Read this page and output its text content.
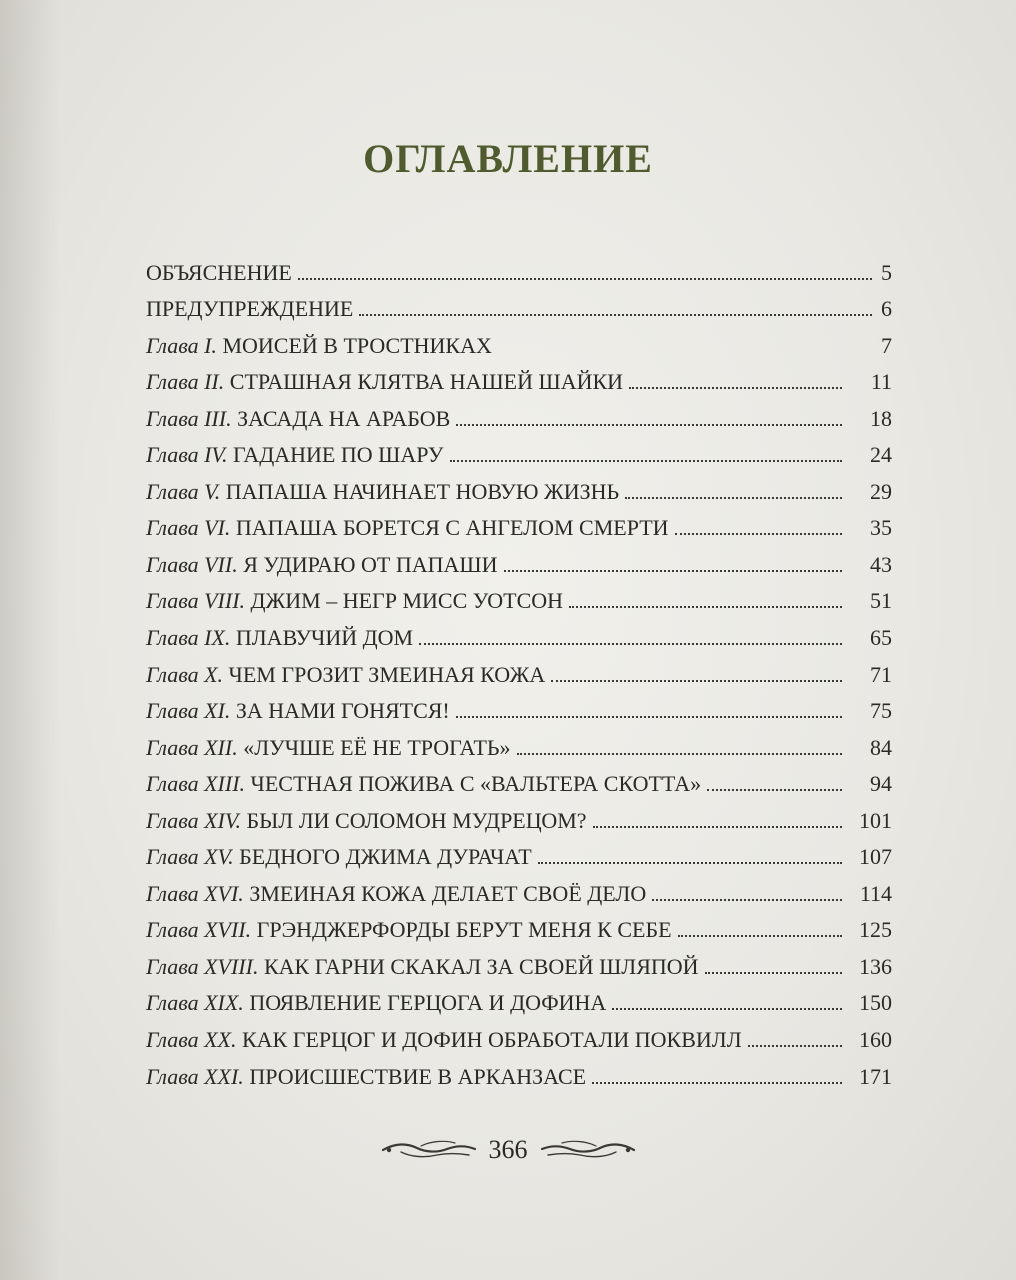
ОГЛАВЛЕНИЕ
ОБЪЯСНЕНИЕ	5
ПРЕДУПРЕЖДЕНИЕ	6
Глава I. МОИСЕЙ В ТРОСТНИКАХ	7
Глава II. СТРАШНАЯ КЛЯТВА НАШЕЙ ШАЙКИ	11
Глава III. ЗАСАДА НА АРАБОВ	18
Глава IV. ГАДАНИЕ ПО ШАРУ	24
Глава V. ПАПАША НАЧИНАЕТ НОВУЮ ЖИЗНЬ	29
Глава VI. ПАПАША БОРЕТСЯ С АНГЕЛОМ СМЕРТИ	35
Глава VII. Я УДИРАЮ ОТ ПАПАШИ	43
Глава VIII. ДЖИМ – НЕГР МИСС УОТСОН	51
Глава IX. ПЛАВУЧИЙ ДОМ	65
Глава X. ЧЕМ ГРОЗИТ ЗМЕИНАЯ КОЖА	71
Глава XI. ЗА НАМИ ГОНЯТСЯ!	75
Глава XII. «ЛУЧШЕ ЕЁ НЕ ТРОГАТЬ»	84
Глава XIII. ЧЕСТНАЯ ПОЖИВА С «ВАЛЬТЕРА СКОТТА»	94
Глава XIV. БЫЛ ЛИ СОЛОМОН МУДРЕЦОМ?	101
Глава XV. БЕДНОГО ДЖИМА ДУРАЧАТ	107
Глава XVI. ЗМЕИНАЯ КОЖА ДЕЛАЕТ СВОЁ ДЕЛО	114
Глава XVII. ГРЭНДЖЕРФОРДЫ БЕРУТ МЕНЯ К СЕБЕ	125
Глава XVIII. КАК ГАРНИ СКАКАЛ ЗА СВОЕЙ ШЛЯПОЙ	136
Глава XIX. ПОЯВЛЕНИЕ ГЕРЦОГА И ДОФИНА	150
Глава XX. КАК ГЕРЦОГ И ДОФИН ОБРАБОТАЛИ ПОКВИЛЛ	160
Глава XXI. ПРОИСШЕСТВИЕ В АРКАНЗАСЕ	171
366
